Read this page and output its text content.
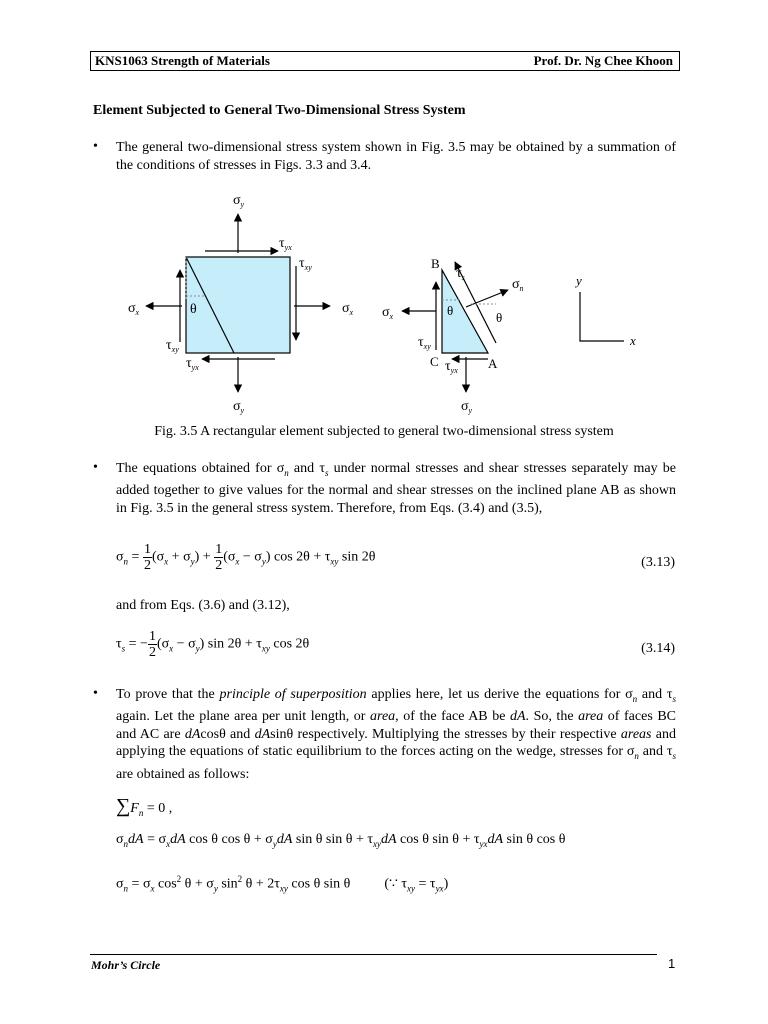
KNS1063 Strength of Materials	Prof. Dr. Ng Chee Khoon
Element Subjected to General Two-Dimensional Stress System
• The general two-dimensional stress system shown in Fig. 3.5 may be obtained by a summation of the conditions of stresses in Figs. 3.3 and 3.4.
$\sigma_y$
$\sigma_y$
$\sigma_x$	$\sigma_x$
$\tau_{yx}$
$\tau_{xy}$
$\tau_{xy}$
$\tau_{yx}$
θ
B
C	A
$\tau_s$	$\sigma_n$
θ
θ
$\sigma_x$
$\tau_{xy}$
$\tau_{yx}$
$\sigma_y$
y
x
Fig. 3.5 A rectangular element subjected to general two-dimensional stress system
• The equations obtained for $\sigma_n$ and $\tau_s$ under normal stresses and shear stresses separately may be added together to give values for the normal and shear stresses on the inclined plane AB as shown in Fig. 3.5 in the general stress system. Therefore, from Eqs. (3.4) and (3.5),
$\sigma_n = \frac{1}{2} (\sigma_x + \sigma_y) + \frac{1}{2} (\sigma_x - \sigma_y)$ $\cos 2\theta + \tau_{xy}$ sin 2θ	(3.13)
and from Eqs. (3.6) and (3.12),
$\tau_s$ = − $\frac{1}{2} (\sigma_x - \sigma_y)$ $\sin 2\theta + \tau_{xy}$ cos 2θ	(3.14)
• To prove that the principle of superposition applies here, let us derive the equations for $\sigma_n$ and $\tau_s$ again. Let the plane area per unit length, or area, of the face AB be dA. So, the area of faces BC and AC are dAcosθ and dAsinθ respectively. Multiplying the stresses by their respective areas and applying the equations of static equilibrium to the forces acting on the wedge, stresses for $\sigma_n$ and $\tau_s$ are obtained as follows:
$\sum F_n = 0$ ,
$\sigma_ndA = \sigma_xdA$ cos θ $\cos \theta + \sigma_ydA$ sin θ $\sin \theta + \tau_{xy}dA$ cos θ $\sin \theta + \tau_{yx}dA$ sin θ cos θ
$\sigma_n = \sigma_x$ $\cos^2 \theta + \sigma_y$ $\sin^2 \theta + 2\tau_{xy}$ cos θ sin θ (∵ $\tau_{xy} = \tau_{yx}$)
Mohr’s Circle	1
